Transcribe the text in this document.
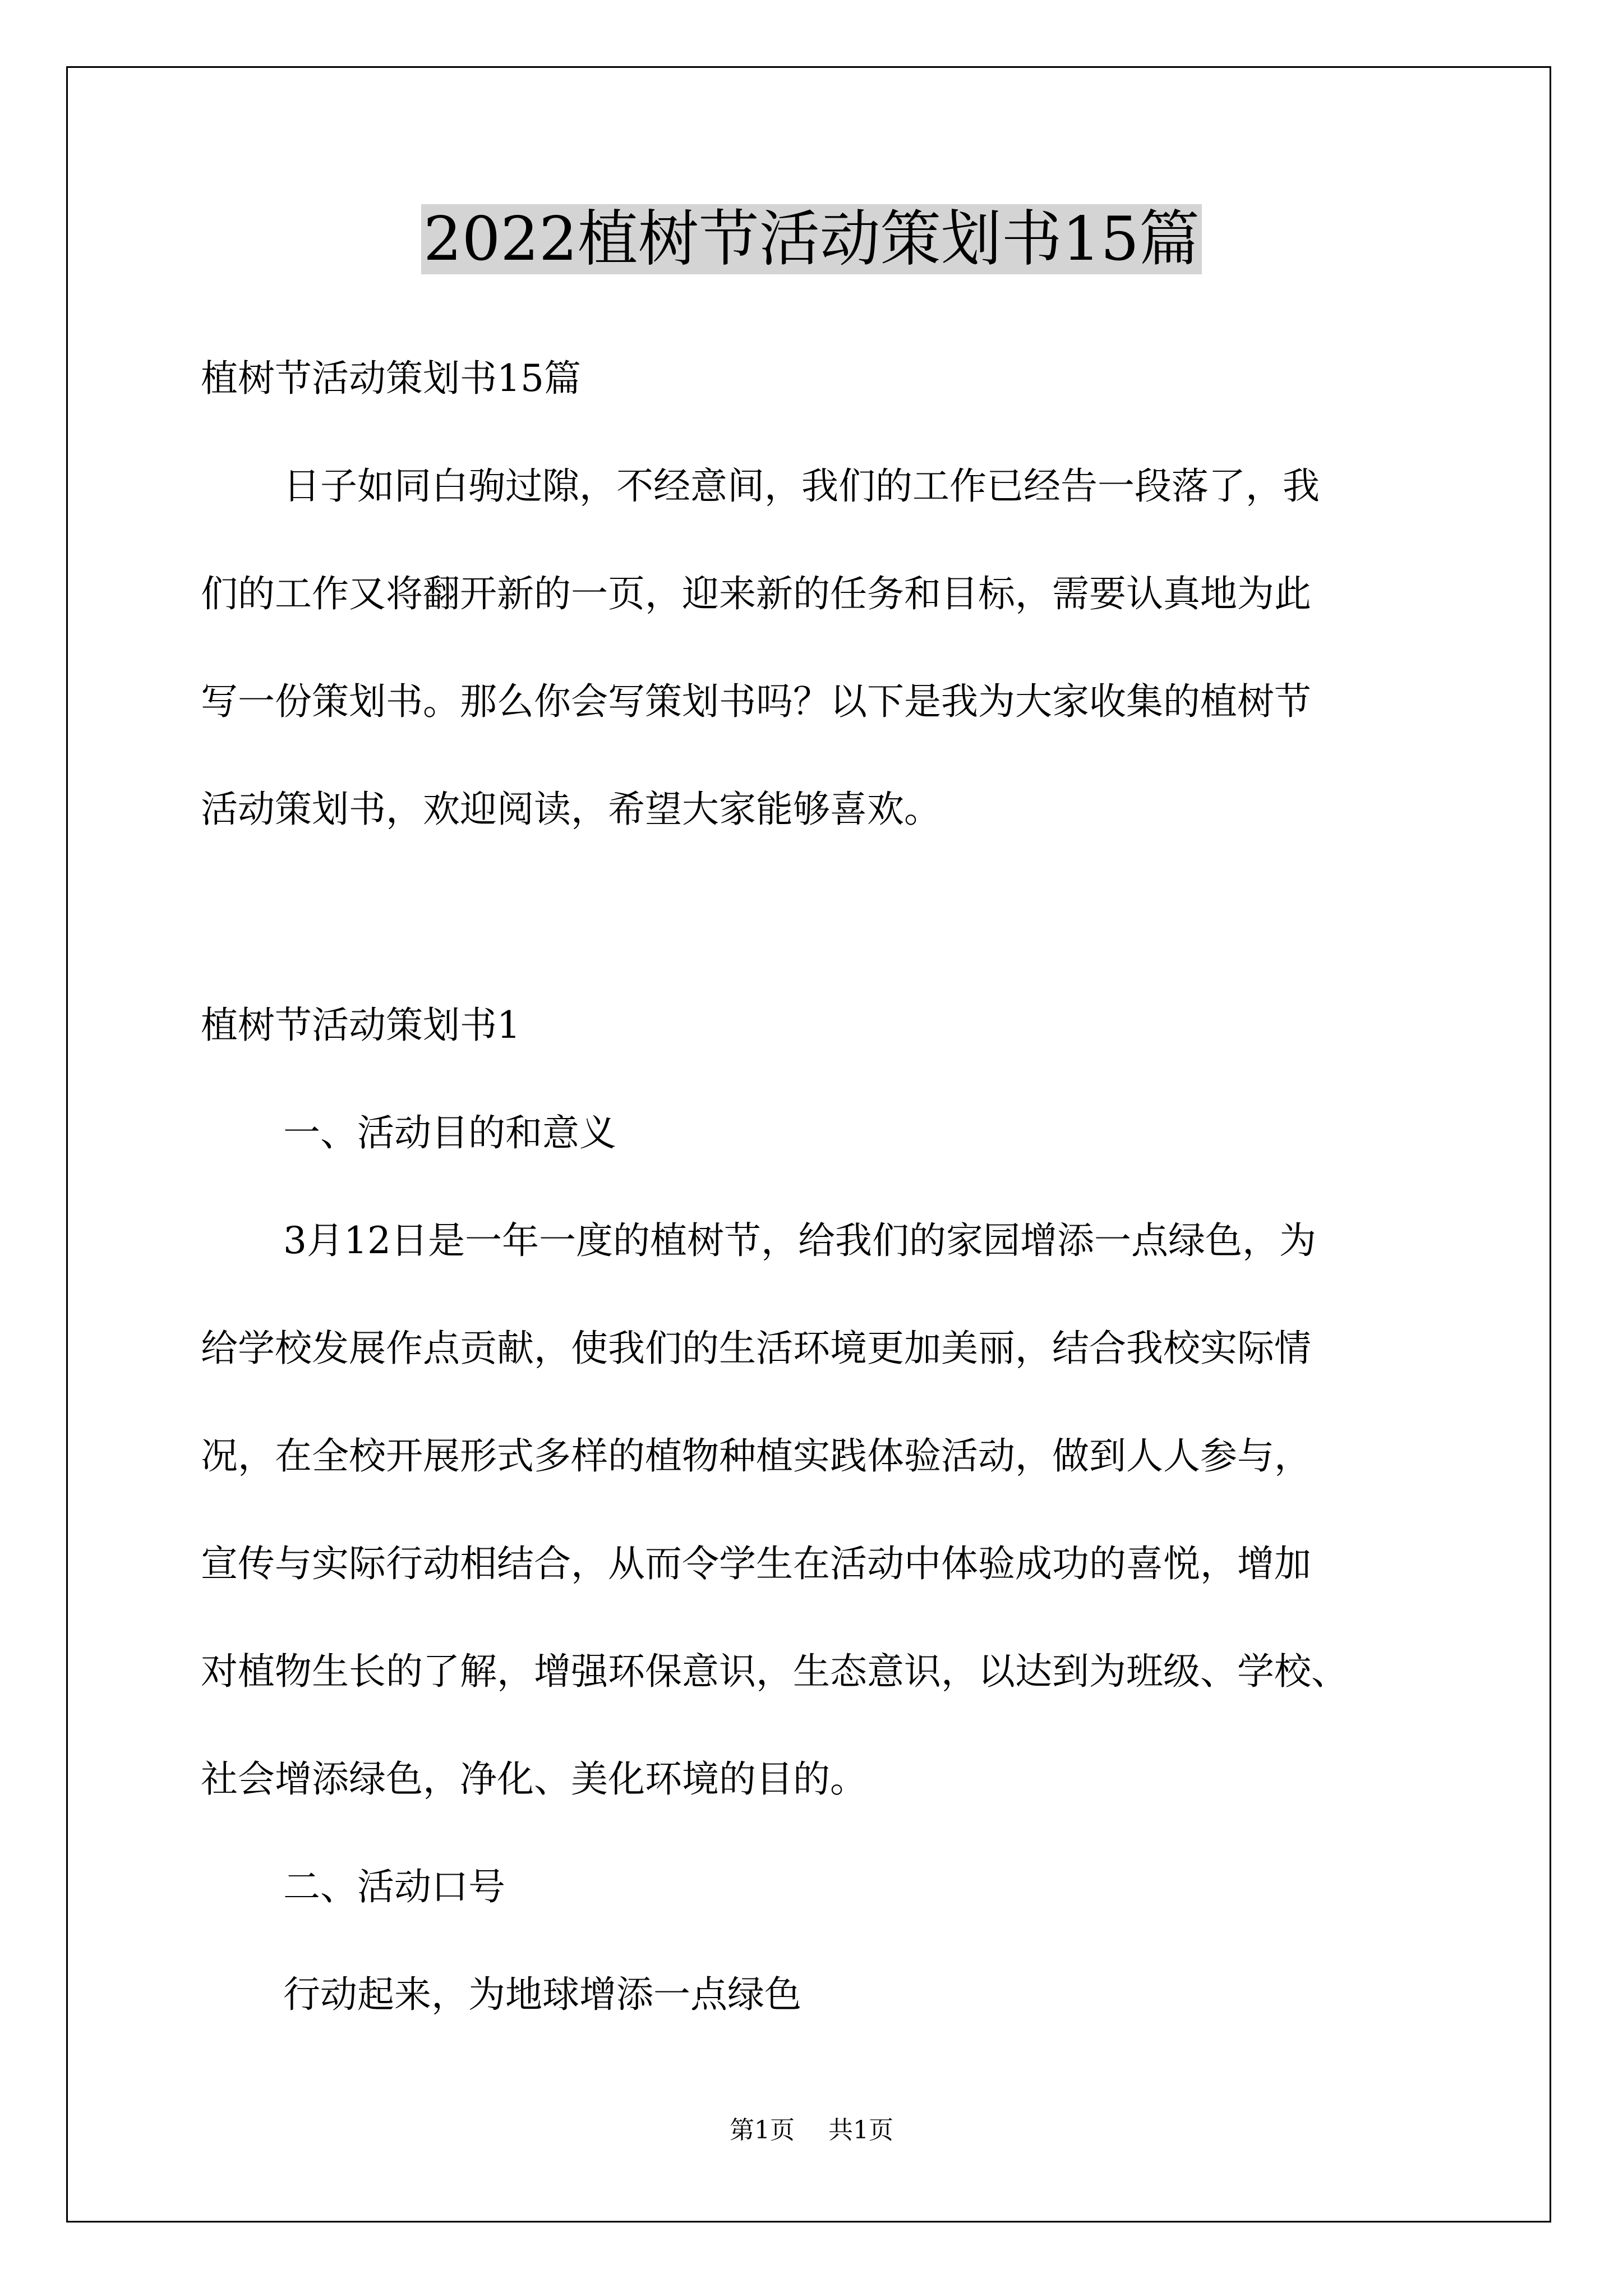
2022植树节活动策划书15篇
植树节活动策划书15篇
日子如同白驹过隙，不经意间，我们的工作已经告一段落了，我
们的工作又将翻开新的一页，迎来新的任务和目标，需要认真地为此
写一份策划书。那么你会写策划书吗？以下是我为大家收集的植树节
活动策划书，欢迎阅读，希望大家能够喜欢。
植树节活动策划书1
一、活动目的和意义
3月12日是一年一度的植树节，给我们的家园增添一点绿色，为
给学校发展作点贡献，使我们的生活环境更加美丽，结合我校实际情
况，在全校开展形式多样的植物种植实践体验活动，做到人人参与，
宣传与实际行动相结合，从而令学生在活动中体验成功的喜悦，增加
对植物生长的了解，增强环保意识，生态意识，以达到为班级、学校、
社会增添绿色，净化、美化环境的目的。
二、活动口号
行动起来，为地球增添一点绿色
第1页 共1页
